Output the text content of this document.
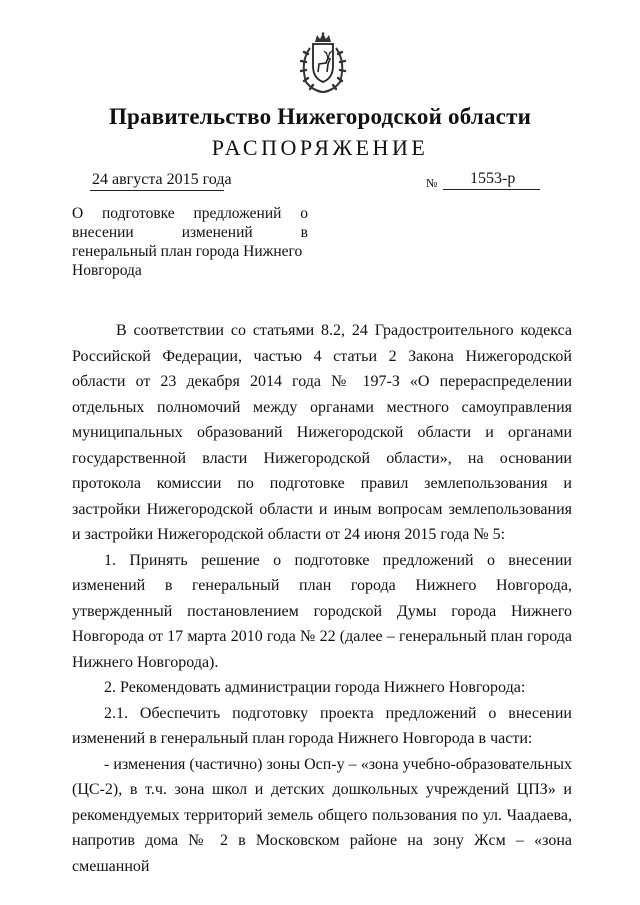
Правительство Нижегородской области
РАСПОРЯЖЕНИЕ
24 августа 2015 года	№ 1553-р
О подготовке предложений о
внесении изменений в
генеральный план города Нижнего
Новгорода

В соответствии со статьями 8.2, 24 Градостроительного кодекса Российской Федерации, частью 4 статьи 2 Закона Нижегородской области от 23 декабря 2014 года № 197-З «О перераспределении отдельных полномочий между органами местного самоуправления муниципальных образований Нижегородской области и органами государственной власти Нижегородской области», на основании протокола комиссии по подготовке правил землепользования и застройки Нижегородской области и иным вопросам землепользования и застройки Нижегородской области от 24 июня 2015 года № 5:

1. Принять решение о подготовке предложений о внесении изменений в генеральный план города Нижнего Новгорода, утвержденный постановлением городской Думы города Нижнего Новгорода от 17 марта 2010 года № 22 (далее – генеральный план города Нижнего Новгорода).

2. Рекомендовать администрации города Нижнего Новгорода:

2.1. Обеспечить подготовку проекта предложений о внесении изменений в генеральный план города Нижнего Новгорода в части:

- изменения (частично) зоны Осп-у – «зона учебно-образовательных (ЦС-2), в т.ч. зона школ и детских дошкольных учреждений ЦПЗ» и рекомендуемых территорий земель общего пользования по ул. Чаадаева, напротив дома № 2 в Московском районе на зону Жсм – «зона смешанной
